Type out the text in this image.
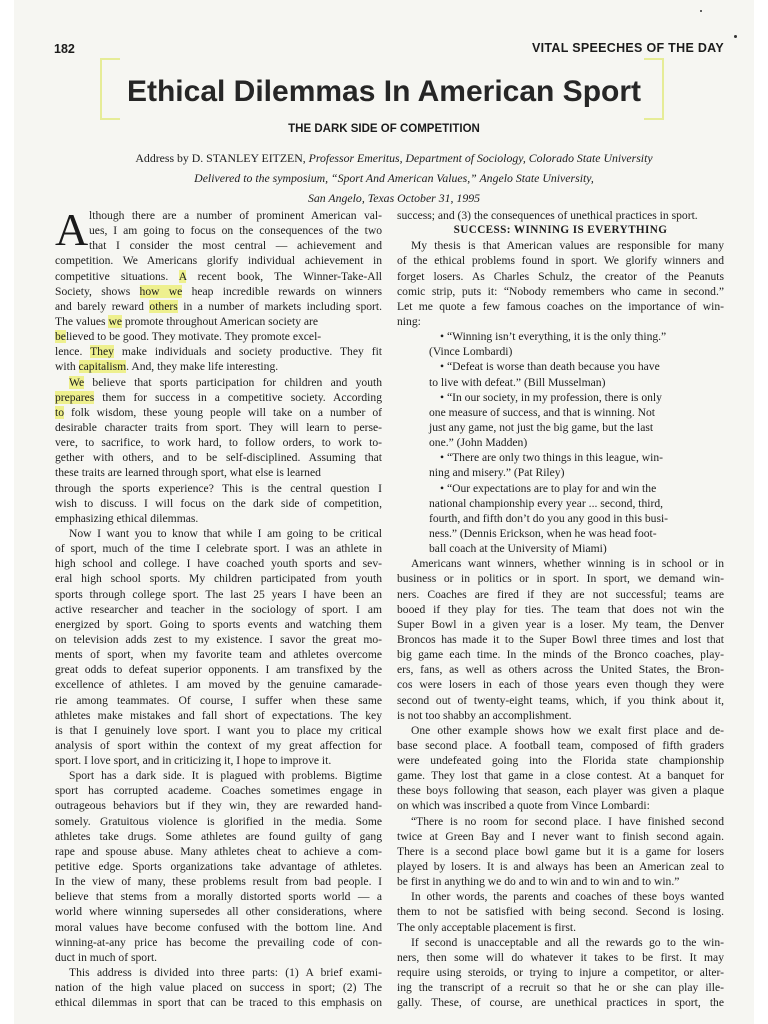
182	VITAL SPEECHES OF THE DAY
Ethical Dilemmas In American Sport
THE DARK SIDE OF COMPETITION
Address by D. STANLEY EITZEN, Professor Emeritus, Department of Sociology, Colorado State University
Delivered to the symposium, “Sport And American Values,” Angelo State University,
San Angelo, Texas October 31, 1995
A lthough there are a number of prominent American val-
ues, I am going to focus on the consequences of the two
that I consider the most central — achievement and
competition. We Americans glorify individual achievement in
competitive situations. A recent book, The Winner-Take-All
Society, shows how we heap incredible rewards on winners
and barely reward others in a number of markets including sport.
The values we promote throughout American society are
believed to be good. They motivate. They promote excel-
lence. They make individuals and society productive. They fit
with capitalism. And, they make life interesting.
We believe that sports participation for children and youth
prepares them for success in a competitive society. According
to folk wisdom, these young people will take on a number of
desirable character traits from sport. They will learn to perse-
vere, to sacrifice, to work hard, to follow orders, to work to-
gether with others, and to be self-disciplined. Assuming that
these traits are learned through sport, what else is learned
through the sports experience? This is the central question I
wish to discuss. I will focus on the dark side of competition,
emphasizing ethical dilemmas.
Now I want you to know that while I am going to be critical
of sport, much of the time I celebrate sport. I was an athlete in
high school and college. I have coached youth sports and sev-
eral high school sports. My children participated from youth
sports through college sport. The last 25 years I have been an
active researcher and teacher in the sociology of sport. I am
energized by sport. Going to sports events and watching them
on television adds zest to my existence. I savor the great mo-
ments of sport, when my favorite team and athletes overcome
great odds to defeat superior opponents. I am transfixed by the
excellence of athletes. I am moved by the genuine camarade-
rie among teammates. Of course, I suffer when these same
athletes make mistakes and fall short of expectations. The key
is that I genuinely love sport. I want you to place my critical
analysis of sport within the context of my great affection for
sport. I love sport, and in criticizing it, I hope to improve it.
Sport has a dark side. It is plagued with problems. Bigtime
sport has corrupted academe. Coaches sometimes engage in
outrageous behaviors but if they win, they are rewarded hand-
somely. Gratuitous violence is glorified in the media. Some
athletes take drugs. Some athletes are found guilty of gang
rape and spouse abuse. Many athletes cheat to achieve a com-
petitive edge. Sports organizations take advantage of athletes.
In the view of many, these problems result from bad people. I
believe that stems from a morally distorted sports world — a
world where winning supersedes all other considerations, where
moral values have become confused with the bottom line. And
winning-at-any price has become the prevailing code of con-
duct in much of sport.
This address is divided into three parts: (1) A brief exami-
nation of the high value placed on success in sport; (2) The
ethical dilemmas in sport that can be traced to this emphasis on
success; and (3) the consequences of unethical practices in sport.
SUCCESS: WINNING IS EVERYTHING
My thesis is that American values are responsible for many
of the ethical problems found in sport. We glorify winners and
forget losers. As Charles Schulz, the creator of the Peanuts
comic strip, puts it: “Nobody remembers who came in second.”
Let me quote a few famous coaches on the importance of win-
ning:
• “Winning isn’t everything, it is the only thing.”
(Vince Lombardi)
• “Defeat is worse than death because you have
to live with defeat.” (Bill Musselman)
• “In our society, in my profession, there is only
one measure of success, and that is winning. Not
just any game, not just the big game, but the last
one.” (John Madden)
• “There are only two things in this league, win-
ning and misery.” (Pat Riley)
• “Our expectations are to play for and win the
national championship every year ... second, third,
fourth, and fifth don’t do you any good in this busi-
ness.” (Dennis Erickson, when he was head foot-
ball coach at the University of Miami)
Americans want winners, whether winning is in school or in
business or in politics or in sport. In sport, we demand win-
ners. Coaches are fired if they are not successful; teams are
booed if they play for ties. The team that does not win the
Super Bowl in a given year is a loser. My team, the Denver
Broncos has made it to the Super Bowl three times and lost that
big game each time. In the minds of the Bronco coaches, play-
ers, fans, as well as others across the United States, the Bron-
cos were losers in each of those years even though they were
second out of twenty-eight teams, which, if you think about it,
is not too shabby an accomplishment.
One other example shows how we exalt first place and de-
base second place. A football team, composed of fifth graders
were undefeated going into the Florida state championship
game. They lost that game in a close contest. At a banquet for
these boys following that season, each player was given a plaque
on which was inscribed a quote from Vince Lombardi:
“There is no room for second place. I have finished second
twice at Green Bay and I never want to finish second again.
There is a second place bowl game but it is a game for losers
played by losers. It is and always has been an American zeal to
be first in anything we do and to win and to win and to win.”
In other words, the parents and coaches of these boys wanted
them to not be satisfied with being second. Second is losing.
The only acceptable placement is first.
If second is unacceptable and all the rewards go to the win-
ners, then some will do whatever it takes to be first. It may
require using steroids, or trying to injure a competitor, or alter-
ing the transcript of a recruit so that he or she can play ille-
gally. These, of course, are unethical practices in sport, the
